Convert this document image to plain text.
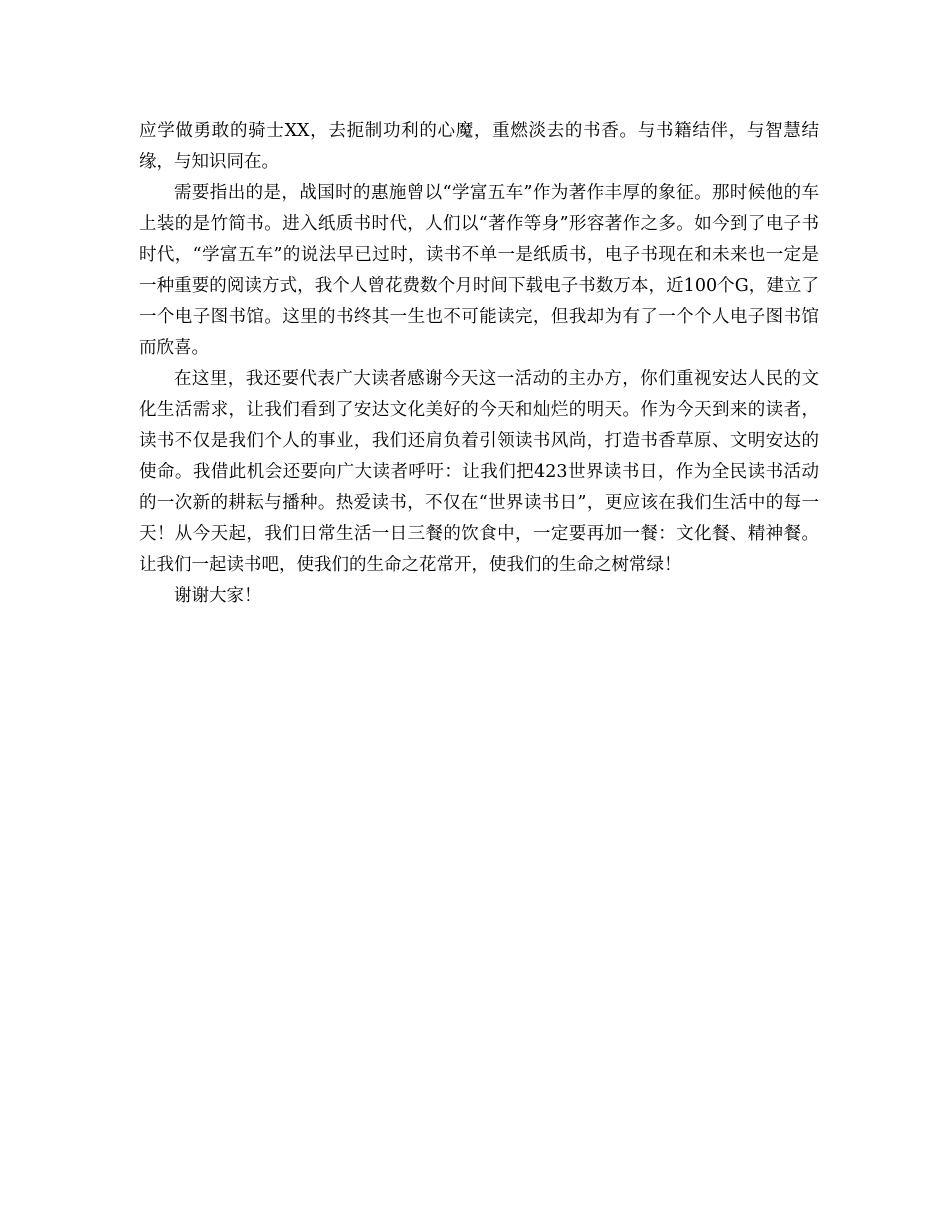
应学做勇敢的骑士XX，去扼制功利的心魔，重燃淡去的书香。与书籍结伴，与智慧结缘，与知识同在。

需要指出的是，战国时的惠施曾以“学富五车”作为著作丰厚的象征。那时候他的车上装的是竹简书。进入纸质书时代，人们以“著作等身”形容著作之多。如今到了电子书时代，“学富五车”的说法早已过时，读书不单一是纸质书，电子书现在和未来也一定是一种重要的阅读方式，我个人曾花费数个月时间下载电子书数万本，近100个G，建立了一个电子图书馆。这里的书终其一生也不可能读完，但我却为有了一个个人电子图书馆而欣喜。

在这里，我还要代表广大读者感谢今天这一活动的主办方，你们重视安达人民的文化生活需求，让我们看到了安达文化美好的今天和灿烂的明天。作为今天到来的读者，读书不仅是我们个人的事业，我们还肩负着引领读书风尚，打造书香草原、文明安达的使命。我借此机会还要向广大读者呼吁：让我们把423世界读书日，作为全民读书活动的一次新的耕耘与播种。热爱读书，不仅在“世界读书日”，更应该在我们生活中的每一天！从今天起，我们日常生活一日三餐的饮食中，一定要再加一餐：文化餐、精神餐。让我们一起读书吧，使我们的生命之花常开，使我们的生命之树常绿！

谢谢大家！
